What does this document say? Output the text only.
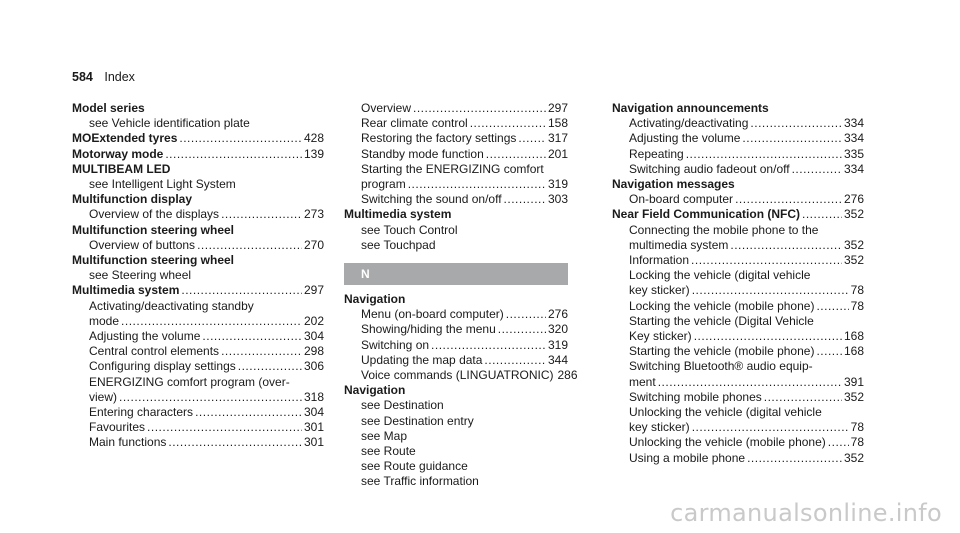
584 Index
Model series
see Vehicle identification plate
MOExtended tyres .....	428
Motorway mode .....	139
MULTIBEAM LED
see Intelligent Light System
Multifunction display
Overview of the displays .....	273
Multifunction steering wheel
Overview of buttons .....	270
Multifunction steering wheel
see Steering wheel
Multimedia system .....	297
Activating/deactivating standby
mode .....	202
Adjusting the volume .....	304
Central control elements .....	298
Configuring display settings .....	306
ENERGIZING comfort program (over-
view) .....	318
Entering characters .....	304
Favourites .....	301
Main functions .....	301
Overview .....	297
Rear climate control .....	158
Restoring the factory settings .....	317
Standby mode function .....	201
Starting the ENERGIZING comfort
program .....	319
Switching the sound on/off .....	303
Multimedia system
see Touch Control
see Touchpad
N
Navigation
Menu (on-board computer) .....	276
Showing/hiding the menu .....	320
Switching on .....	319
Updating the map data .....	344
Voice commands (LINGUATRONIC) 286
Navigation
see Destination
see Destination entry
see Map
see Route
see Route guidance
see Traffic information
Navigation announcements
Activating/deactivating .....	334
Adjusting the volume .....	334
Repeating .....	335
Switching audio fadeout on/off .....	334
Navigation messages
On-board computer .....	276
Near Field Communication (NFC) .....	352
Connecting the mobile phone to the
multimedia system .....	352
Information .....	352
Locking the vehicle (digital vehicle
key sticker) .....	78
Locking the vehicle (mobile phone) .....	78
Starting the vehicle (Digital Vehicle
Key sticker) .....	168
Starting the vehicle (mobile phone) ..... 168
Switching Bluetooth® audio equip-
ment .....	391
Switching mobile phones .....	352
Unlocking the vehicle (digital vehicle
key sticker) .....	78
Unlocking the vehicle (mobile phone) ..... 78
Using a mobile phone .....	352
carmanualsonline.info
